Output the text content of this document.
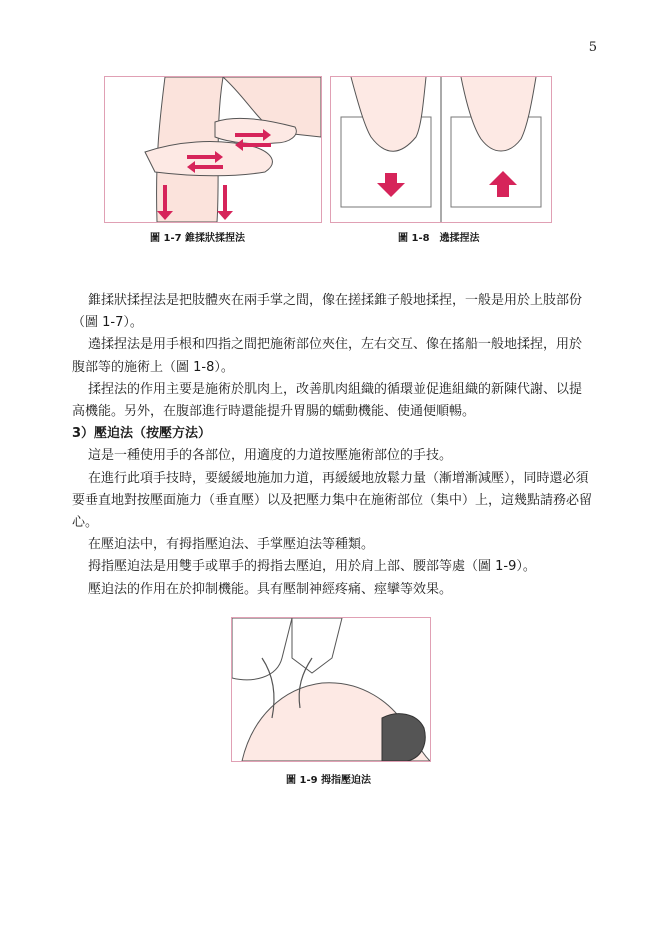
5
圖 1-7 錐揉狀揉捏法	圖 1-8　遶揉捏法

錐揉狀揉捏法是把肢體夾在兩手掌之間，像在搓揉錐子般地揉捏，一般是用於上肢部份（圖 1-7）。

遶揉捏法是用手根和四指之間把施術部位夾住，左右交互、像在搖船一般地揉捏，用於腹部等的施術上（圖 1-8）。

揉捏法的作用主要是施術於肌肉上，改善肌肉組織的循環並促進組織的新陳代謝、以提高機能。另外，在腹部進行時還能提升胃腸的蠕動機能、使通便順暢。

3）壓迫法（按壓方法）

這是一種使用手的各部位，用適度的力道按壓施術部位的手技。

在進行此項手技時，要緩緩地施加力道，再緩緩地放鬆力量（漸增漸減壓），同時還必須要垂直地對按壓面施力（垂直壓）以及把壓力集中在施術部位（集中）上，這幾點請務必留心。

在壓迫法中，有拇指壓迫法、手掌壓迫法等種類。

拇指壓迫法是用雙手或單手的拇指去壓迫，用於肩上部、腰部等處（圖 1-9）。

壓迫法的作用在於抑制機能。具有壓制神經疼痛、痙攣等效果。

圖 1-9 拇指壓迫法
